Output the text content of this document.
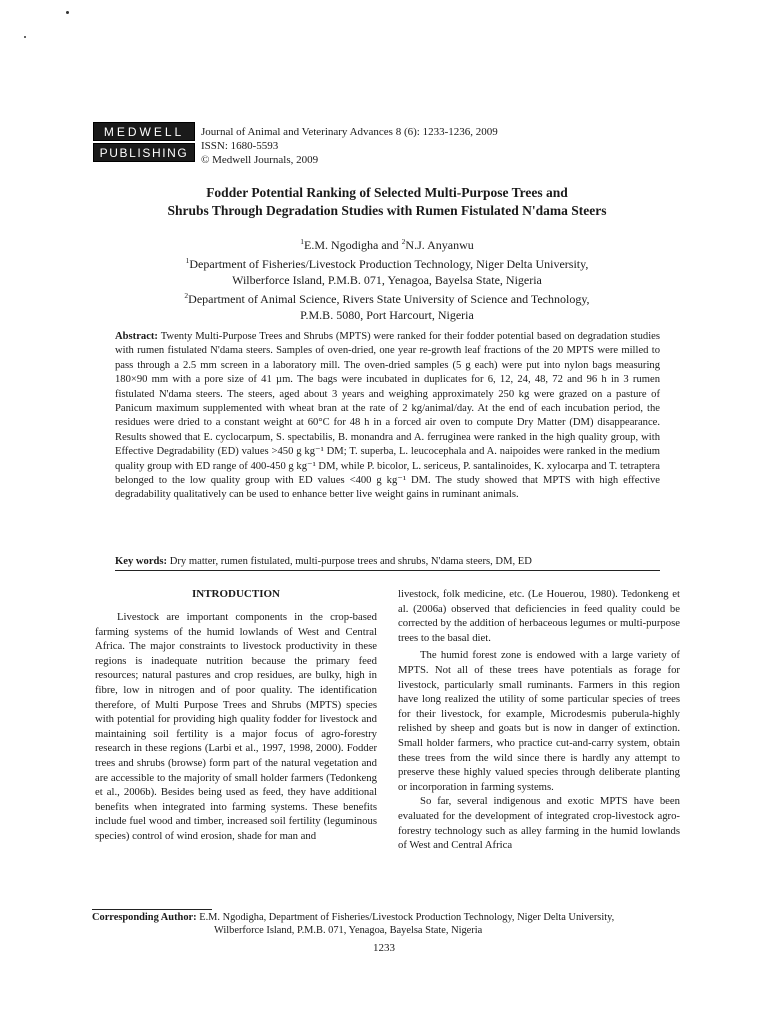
MEDWELL
PUBLISHING
Journal of Animal and Veterinary Advances 8 (6): 1233-1236, 2009
ISSN: 1680-5593
© Medwell Journals, 2009
Fodder Potential Ranking of Selected Multi-Purpose Trees and
Shrubs Through Degradation Studies with Rumen Fistulated N'dama Steers
$^1$E.M. Ngodigha and $^2$N.J. Anyanwu
$^1$Department of Fisheries/Livestock Production Technology, Niger Delta University,
Wilberforce Island, P.M.B. 071, Yenagoa, Bayelsa State, Nigeria
$^2$Department of Animal Science, Rivers State University of Science and Technology,
P.M.B. 5080, Port Harcourt, Nigeria
Abstract: Twenty Multi-Purpose Trees and Shrubs (MPTS) were ranked for their fodder potential based on degradation studies with rumen fistulated N'dama steers. Samples of oven-dried, one year re-growth leaf fractions of the 20 MPTS were milled to pass through a 2.5 mm screen in a laboratory mill. The oven-dried samples (5 g each) were put into nylon bags measuring 180×90 mm with a pore size of 41 µm. The bags were incubated in duplicates for 6, 12, 24, 48, 72 and 96 h in 3 rumen fistulated N'dama steers. The steers, aged about 3 years and weighing approximately 250 kg were grazed on a pasture of Panicum maximum supplemented with wheat bran at the rate of 2 kg/animal/day. At the end of each incubation period, the residues were dried to a constant weight at 60°C for 48 h in a forced air oven to compute Dry Matter (DM) disappearance. Results showed that E. cyclocarpum, S. spectabilis, B. monandra and A. ferruginea were ranked in the high quality group, with Effective Degradability (ED) values >450 g kg⁻¹ DM; T. superba, L. leucocephala and A. naipoides were ranked in the medium quality group with ED range of 400-450 g kg⁻¹ DM, while P. bicolor, L. sericeus, P. santalinoides, K. xylocarpa and T. tetraptera belonged to the low quality group with ED values <400 g kg⁻¹ DM. The study showed that MPTS with high effective degradability qualitatively can be used to enhance better live weight gains in ruminant animals.
Key words: Dry matter, rumen fistulated, multi-purpose trees and shrubs, N'dama steers, DM, ED
INTRODUCTION

Livestock are important components in the crop-based farming systems of the humid lowlands of West and Central Africa. The major constraints to livestock productivity in these regions is inadequate nutrition because the primary feed resources; natural pastures and crop residues, are bulky, high in fibre, low in nitrogen and of poor quality. The identification therefore, of Multi Purpose Trees and Shrubs (MPTS) species with potential for providing high quality fodder for livestock and maintaining soil fertility is a major focus of agro-forestry research in these regions (Larbi et al., 1997, 1998, 2000). Fodder trees and shrubs (browse) form part of the natural vegetation and are accessible to the majority of small holder farmers (Tedonkeng et al., 2006b). Besides being used as feed, they have additional benefits when integrated into farming systems. These benefits include fuel wood and timber, increased soil fertility (leguminous species) control of wind erosion, shade for man and

livestock, folk medicine, etc. (Le Houerou, 1980). Tedonkeng et al. (2006a) observed that deficiencies in feed quality could be corrected by the addition of herbaceous legumes or multi-purpose trees to the basal diet.

The humid forest zone is endowed with a large variety of MPTS. Not all of these trees have potentials as forage for livestock, particularly small ruminants. Farmers in this region have long realized the utility of some particular species of trees for their livestock, for example, Microdesmis puberula-highly relished by sheep and goats but is now in danger of extinction. Small holder farmers, who practice cut-and-carry system, obtain these trees from the wild since there is hardly any attempt to preserve these highly valued species through deliberate planting or incorporation in farming systems.

So far, several indigenous and exotic MPTS have been evaluated for the development of integrated crop-livestock agro-forestry technology such as alley farming in the humid lowlands of West and Central Africa

Corresponding Author: E.M. Ngodigha, Department of Fisheries/Livestock Production Technology, Niger Delta University,
Wilberforce Island, P.M.B. 071, Yenagoa, Bayelsa State, Nigeria
1233
